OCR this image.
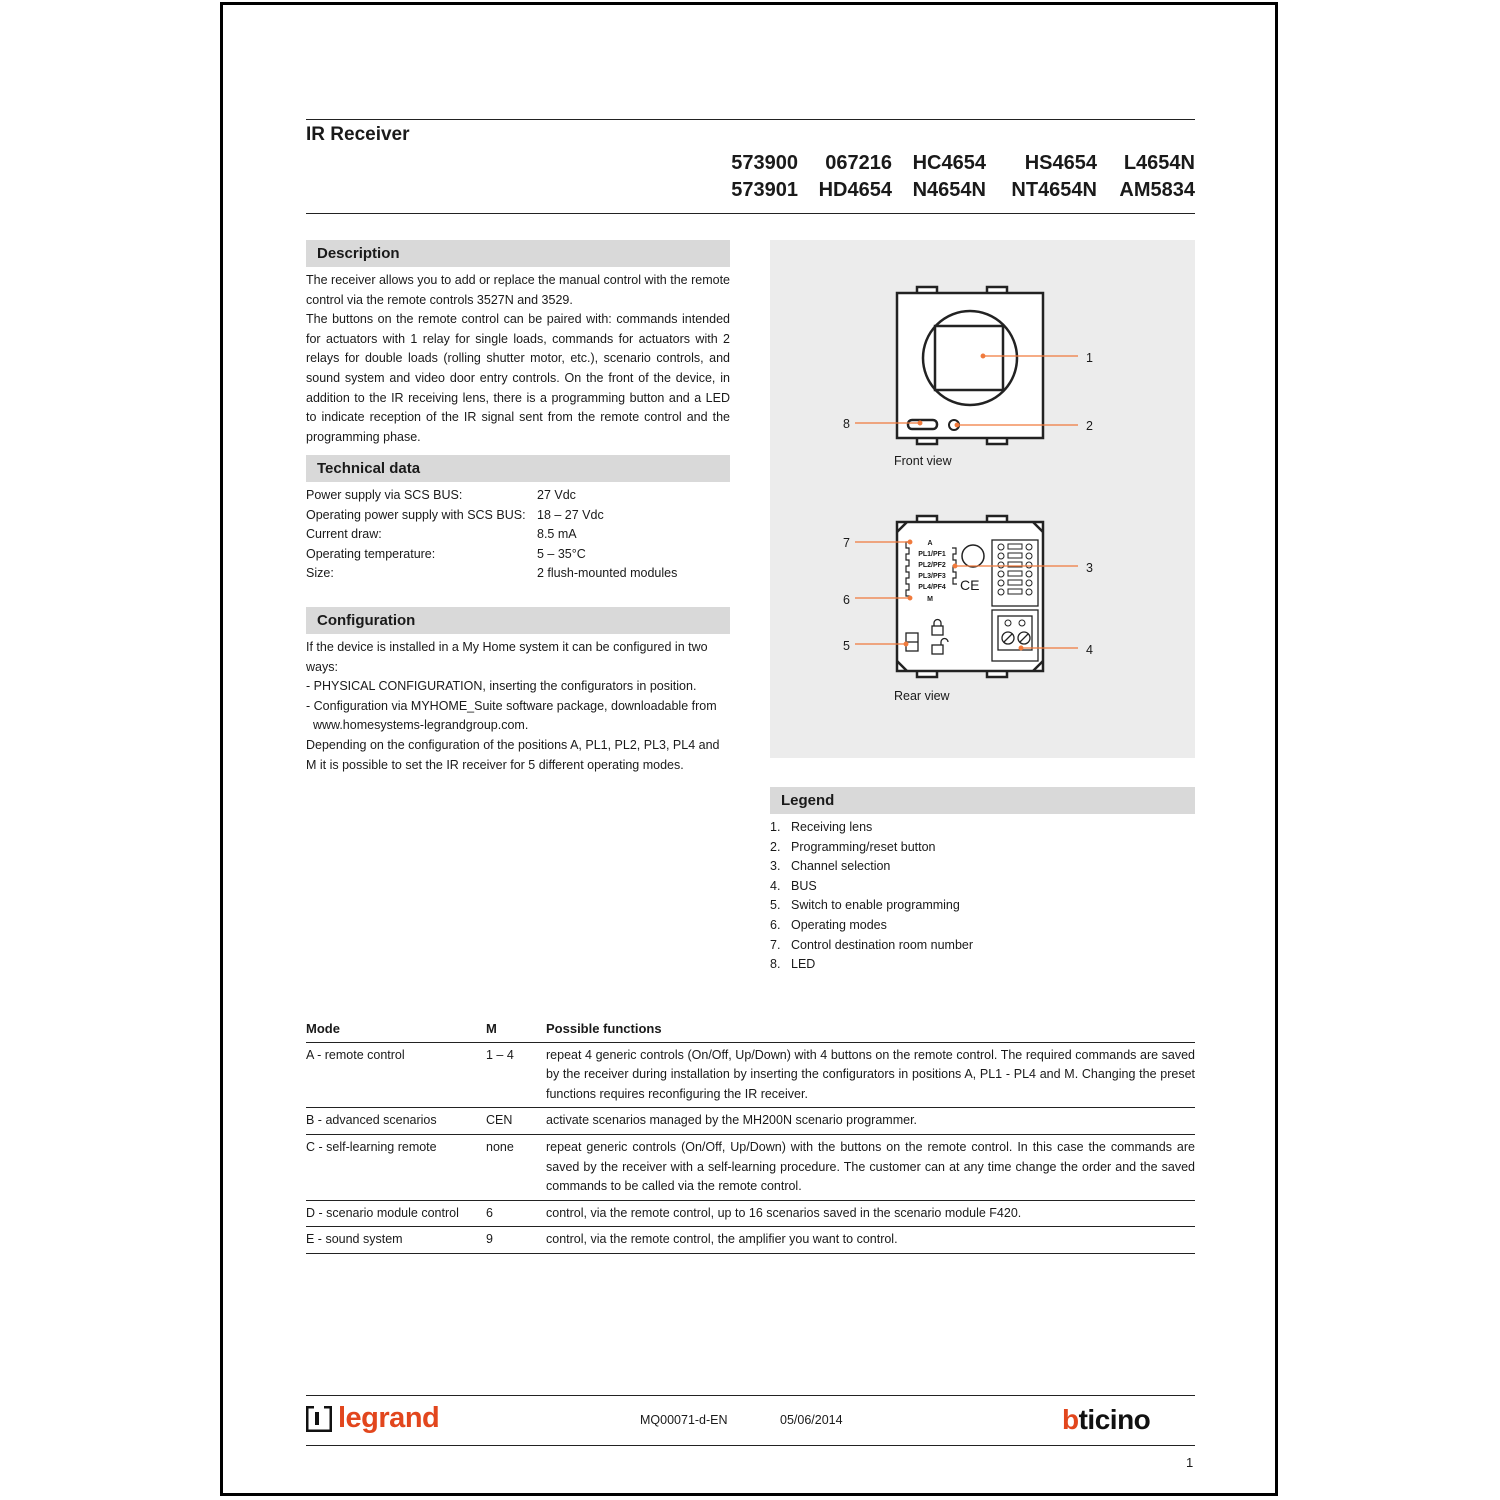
IR Receiver
573900	067216	HC4654	HS4654	L4654N
573901	HD4654	N4654N	NT4654N	AM5834
Description
The receiver allows you to add or replace the manual control with the remote control via the remote controls 3527N and 3529.
The buttons on the remote control can be paired with: commands intended for actuators with 1 relay for single loads, commands for actuators with 2 relays for double loads (rolling shutter motor, etc.), scenario controls, and sound system and video door entry controls. On the front of the device, in addition to the IR receiving lens, there is a programming button and a LED to indicate reception of the IR signal sent from the remote control and the programming phase.
Technical data
Power supply via SCS BUS:	27 Vdc
Operating power supply with SCS BUS: 18 – 27 Vdc
Current draw:	8.5 mA
Operating temperature:	5 – 35°C
Size:	2 flush-mounted modules
Configuration
If the device is installed in a My Home system it can be configured in two ways:
- PHYSICAL CONFIGURATION, inserting the configurators in position.
- Configuration via MYHOME_Suite software package, downloadable from
www.homesystems-legrandgroup.com.
Depending on the configuration of the positions A, PL1, PL2, PL3, PL4 and M it is possible to set the IR receiver for 5 different operating modes.
1
2
8
Front view
A
PL1/PF1
PL2/PF2
PL3/PF3
PL4/PF4
M
CE
7
6
5
3
4
Rear view
Legend
1. Receiving lens
2. Programming/reset button
3. Channel selection
4. BUS
5. Switch to enable programming
6. Operating modes
7. Control destination room number
8. LED
Mode	M	Possible functions
A - remote control	1 – 4	repeat 4 generic controls (On/Off, Up/Down) with 4 buttons on the remote control. The required commands are saved by the receiver during installation by inserting the configurators in positions A, PL1 - PL4 and M. Changing the preset functions requires reconfiguring the IR receiver.
B - advanced scenarios	CEN	activate scenarios managed by the MH200N scenario programmer.
C - self-learning remote	none	repeat generic controls (On/Off, Up/Down) with the buttons on the remote control. In this case the commands are saved by the receiver with a self-learning procedure. The customer can at any time change the order and the saved commands to be called via the remote control.
D - scenario module control	6	control, via the remote control, up to 16 scenarios saved in the scenario module F420.
E - sound system	9	control, via the remote control, the amplifier you want to control.
legrand	MQ00071-d-EN	05/06/2014	bticino
1
